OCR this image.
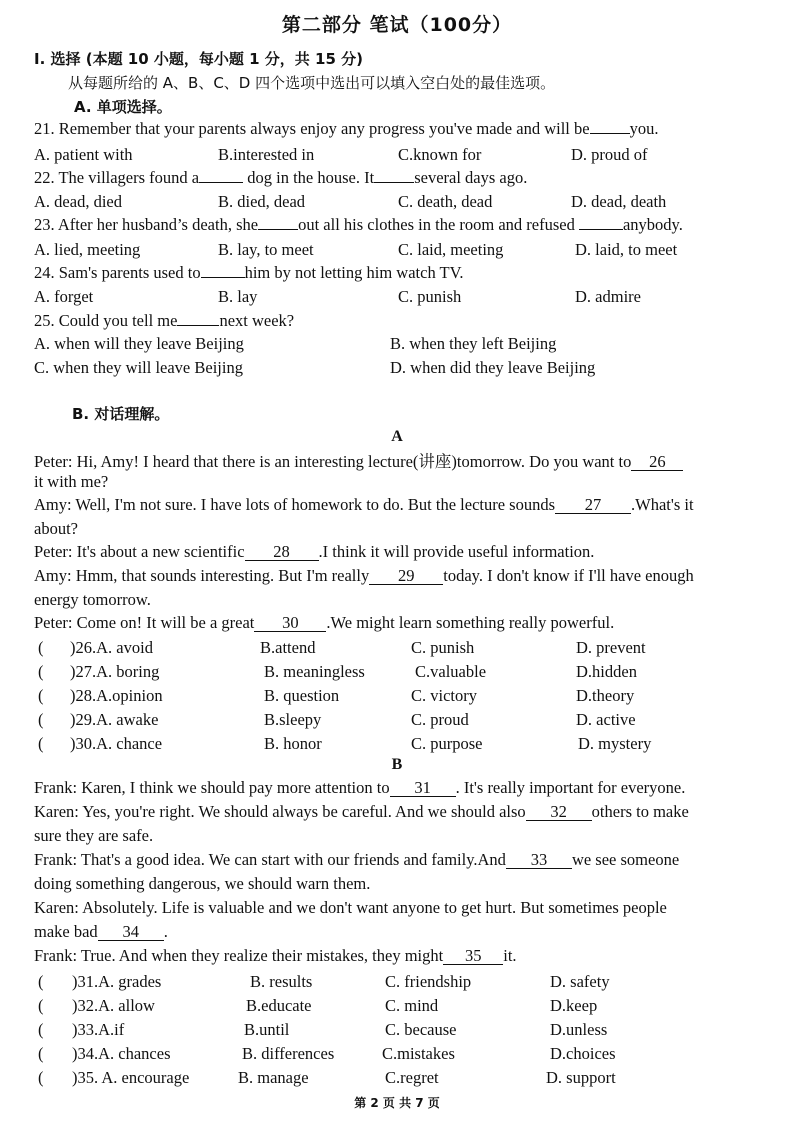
第二部分 笔试（100分）
Ⅰ. 选择 (本题 10 小题，每小题 1 分，共 15 分)
从每题所给的 A、B、C、D 四个选项中选出可以填入空白处的最佳选项。
A. 单项选择。
21. Remember that your parents always enjoy any progress you've made and will be you.
A. patient with	B.interested in	C.known for	D. proud of
22. The villagers found a	dog in the house. It several days ago.
A. dead, died	B. died, dead	C. death, dead	D. dead, death
23. After her husband’s death, she out all his clothes in the room and refused	anybody.
A. lied, meeting	B. lay, to meet	C. laid, meeting	D. laid, to meet
24. Sam's parents used to	him by not letting him watch TV.
A. forget	B. lay	C. punish	D. admire
25. Could you tell me	next week?
A. when will they leave Beijing	B. when they left Beijing
C. when they will leave Beijing	D. when did they leave Beijing
B. 对话理解。
A
Peter: Hi, Amy! I heard that there is an interesting lecture(讲座)tomorrow. Do you want to 26
it with me?
Amy: Well, I'm not sure. I have lots of homework to do. But the lecture sounds 27 .What's it
about?
Peter: It's about a new scientific 28 .I think it will provide useful information.
Amy: Hmm, that sounds interesting. But I'm really 29 today. I don't know if I'll have enough
energy tomorrow.
Peter: Come on! It will be a great 30 .We might learn something really powerful.
( )26.A. avoid	B.attend	C. punish	D. prevent
( )27.A. boring	B. meaningless	C.valuable	D.hidden
( )28.A.opinion	B. question	C. victory	D.theory
( )29.A. awake	B.sleepy	C. proud	D. active
( )30.A. chance	B. honor	C. purpose	D. mystery
B
Frank: Karen, I think we should pay more attention to 31 . It's really important for everyone.
Karen: Yes, you're right. We should always be careful. And we should also 32 others to make
sure they are safe.
Frank: That's a good idea. We can start with our friends and family.And 33 we see someone
doing something dangerous, we should warn them.
Karen: Absolutely. Life is valuable and we don't want anyone to get hurt. But sometimes people
make bad 34 .
Frank: True. And when they realize their mistakes, they might 35 it.
( )31.A. grades	B. results	C. friendship	D. safety
( )32.A. allow	B.educate	C. mind	D.keep
( )33.A.if	B.until	C. because	D.unless
( )34.A. chances	B. differences	C.mistakes	D.choices
( )35. A. encourage	B. manage	C.regret	D. support
第 2 页 共 7 页
